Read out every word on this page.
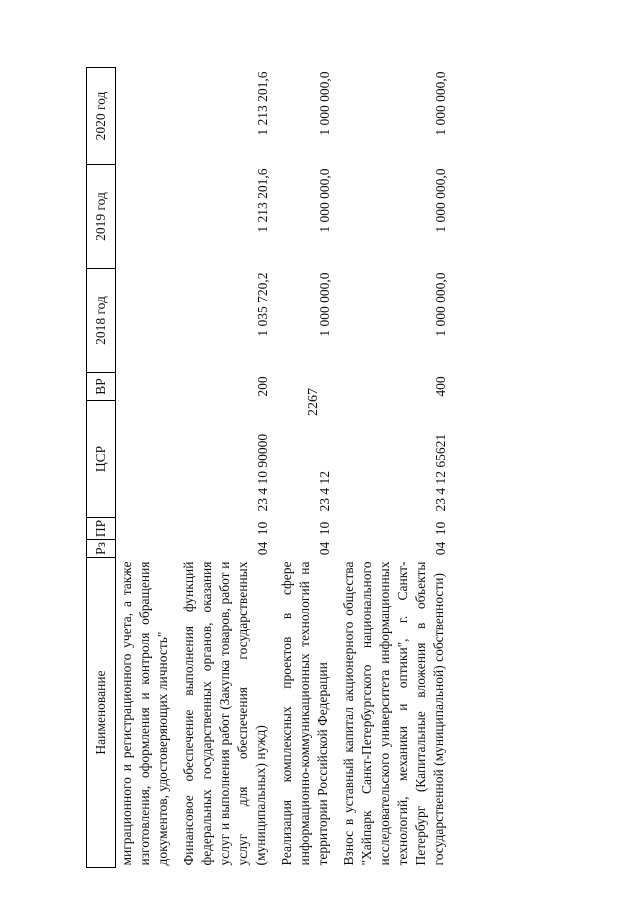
2267
Наименование	Рз	ПР	ЦСР	ВР	2018 год	2019 год	2020 год
миграционного и регистрационного учета, а также изготовления, оформления и контроля обращения документов, удостоверяющих личность"							
Финансовое обеспечение выполнения функций федеральных государственных органов, оказания услуг и выполнения работ (Закупка товаров, работ и услуг для обеспечения государственных (муниципальных) нужд)	04	10	23 4 10 90000	200	1 035 720,2	1 213 201,6	1 213 201,6
Реализация комплексных проектов в сфере информационно-коммуникационных технологий на территории Российской Федерации	04	10	23 4 12		1 000 000,0	1 000 000,0	1 000 000,0
Взнос в уставный капитал акционерного общества "Хайпарк Санкт-Петербургского национального исследовательского университета информационных технологий, механики и оптики", г. Санкт-Петербург (Капитальные вложения в объекты государственной (муниципальной) собственности)	04	10	23 4 12 65621	400	1 000 000,0	1 000 000,0	1 000 000,0
